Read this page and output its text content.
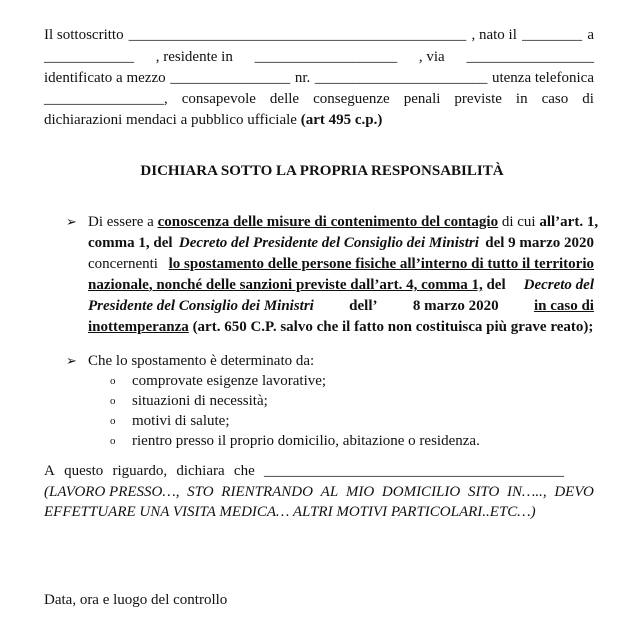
Il sottoscritto _____________________________________________ , nato il ________ a
____________ , residente in ___________________ , via _________________
identificato a mezzo ________________ nr. _______________________ utenza telefonica
________________, consapevole delle conseguenze penali previste in caso di
dichiarazioni mendaci a pubblico ufficiale (art 495 c.p.)
DICHIARA SOTTO LA PROPRIA RESPONSABILITÀ
➢ Di essere a conoscenza delle misure di contenimento del contagio di cui all’art. 1,
comma 1, del Decreto del Presidente del Consiglio dei Ministri del 9 marzo 2020
concernenti lo spostamento delle persone fisiche all’interno di tutto il territorio
nazionale, nonché delle sanzioni previste dall’art. 4, comma 1, del Decreto del
Presidente del Consiglio dei Ministri dell’ 8 marzo 2020 in caso di
inottemperanza (art. 650 C.P. salvo che il fatto non costituisca più grave reato);
➢ Che lo spostamento è determinato da:
o comprovate esigenze lavorative;
o situazioni di necessità;
o motivi di salute;
o rientro presso il proprio domicilio, abitazione o residenza.
A questo riguardo, dichiara che ________________________________________
(LAVORO PRESSO…, STO RIENTRANDO AL MIO DOMICILIO SITO IN….., DEVO
EFFETTUARE UNA VISITA MEDICA… ALTRI MOTIVI PARTICOLARI..ETC…)
Data, ora e luogo del controllo
